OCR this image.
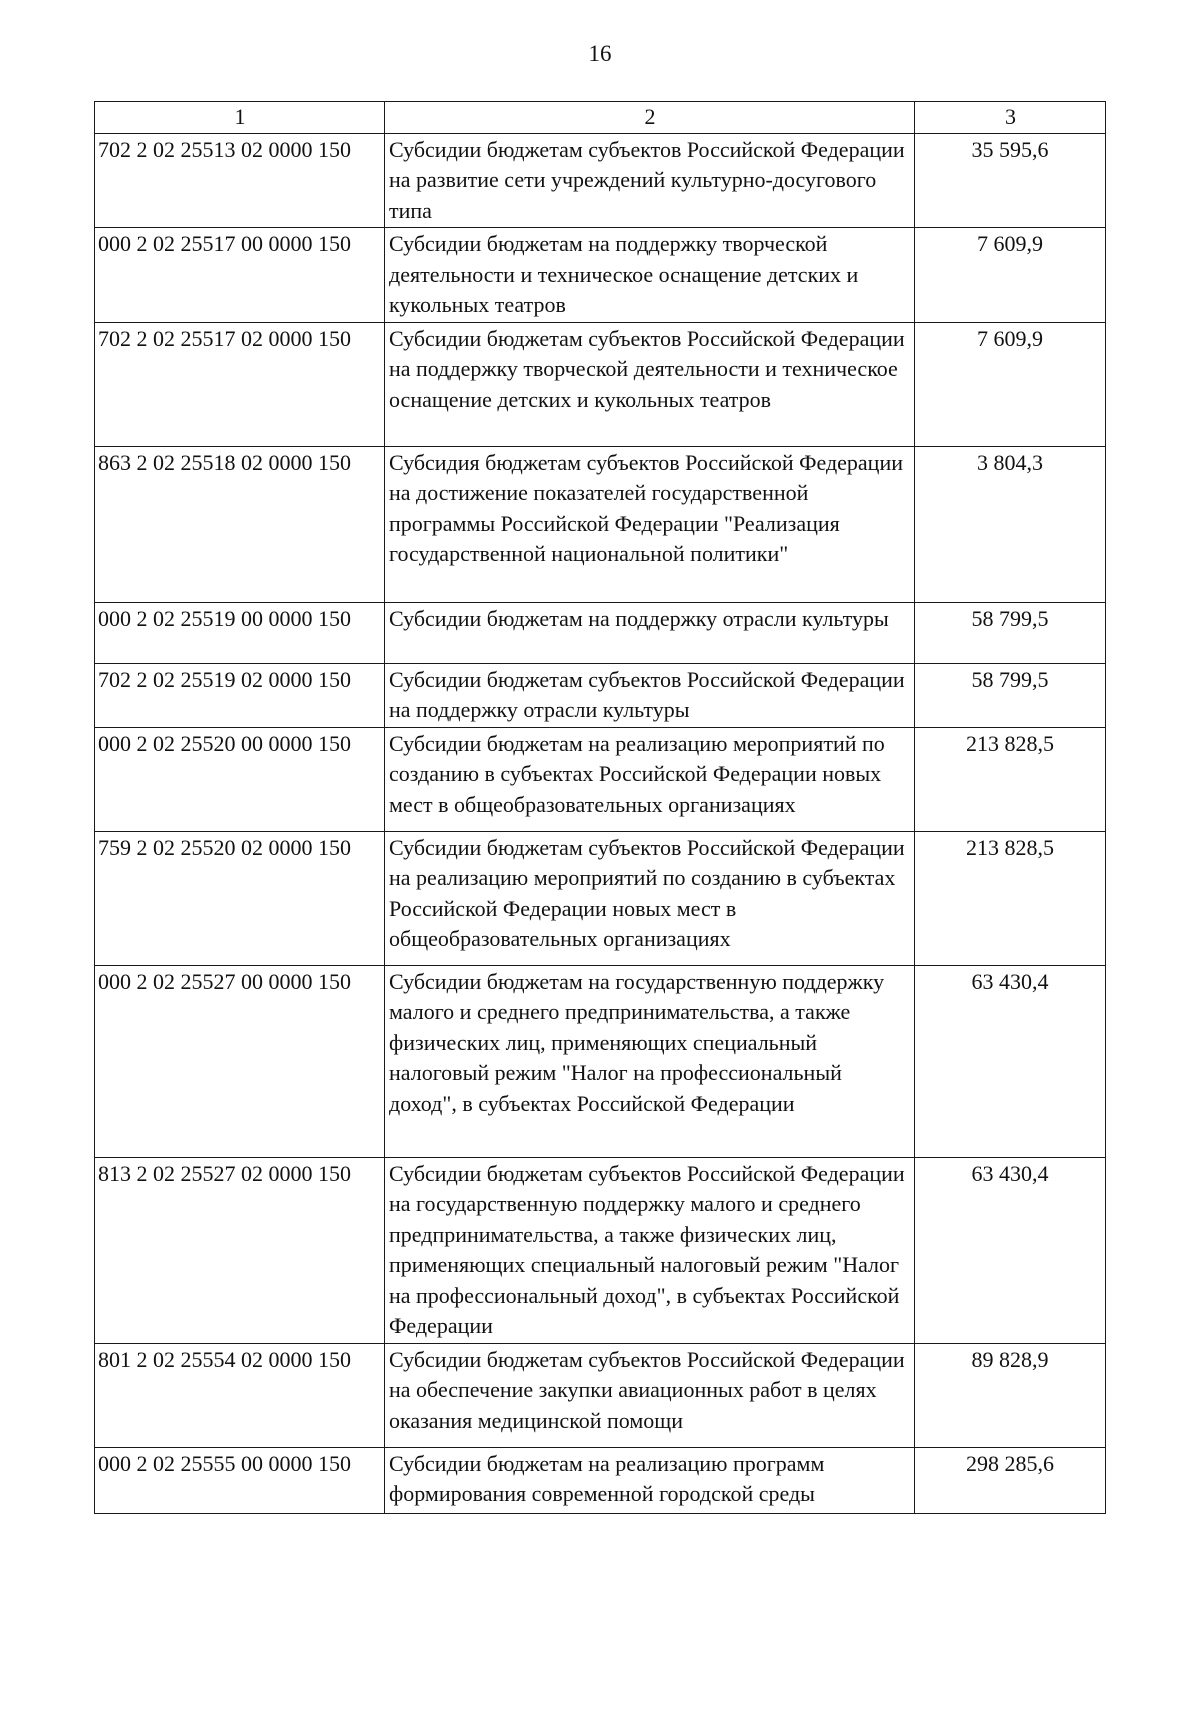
16
1	2	3
702 2 02 25513 02 0000 150	Субсидии бюджетам субъектов Российской Федерации на развитие сети учреждений культурно-досугового типа	35 595,6
000 2 02 25517 00 0000 150	Субсидии бюджетам на поддержку творческой деятельности и техническое оснащение детских и кукольных театров	7 609,9
702 2 02 25517 02 0000 150	Субсидии бюджетам субъектов Российской Федерации на поддержку творческой деятельности и техническое оснащение детских и кукольных театров	7 609,9
863 2 02 25518 02 0000 150	Субсидия бюджетам субъектов Российской Федерации на достижение показателей государственной программы Российской Федерации "Реализация государственной национальной политики"	3 804,3
000 2 02 25519 00 0000 150	Субсидии бюджетам на поддержку отрасли культуры	58 799,5
702 2 02 25519 02 0000 150	Субсидии бюджетам субъектов Российской Федерации на поддержку отрасли культуры	58 799,5
000 2 02 25520 00 0000 150	Субсидии бюджетам на реализацию мероприятий по созданию в субъектах Российской Федерации новых мест в общеобразовательных организациях	213 828,5
759 2 02 25520 02 0000 150	Субсидии бюджетам субъектов Российской Федерации на реализацию мероприятий по созданию в субъектах Российской Федерации новых мест в общеобразовательных организациях	213 828,5
000 2 02 25527 00 0000 150	Субсидии бюджетам на государственную поддержку малого и среднего предпринимательства, а также физических лиц, применяющих специальный налоговый режим "Налог на профессиональный доход", в субъектах Российской Федерации	63 430,4
813 2 02 25527 02 0000 150	Субсидии бюджетам субъектов Российской Федерации на государственную поддержку малого и среднего предпринимательства, а также физических лиц, применяющих специальный налоговый режим "Налог на профессиональный доход", в субъектах Российской Федерации	63 430,4
801 2 02 25554 02 0000 150	Субсидии бюджетам субъектов Российской Федерации на обеспечение закупки авиационных работ в целях оказания медицинской помощи	89 828,9
000 2 02 25555 00 0000 150	Субсидии бюджетам на реализацию программ формирования современной городской среды	298 285,6
